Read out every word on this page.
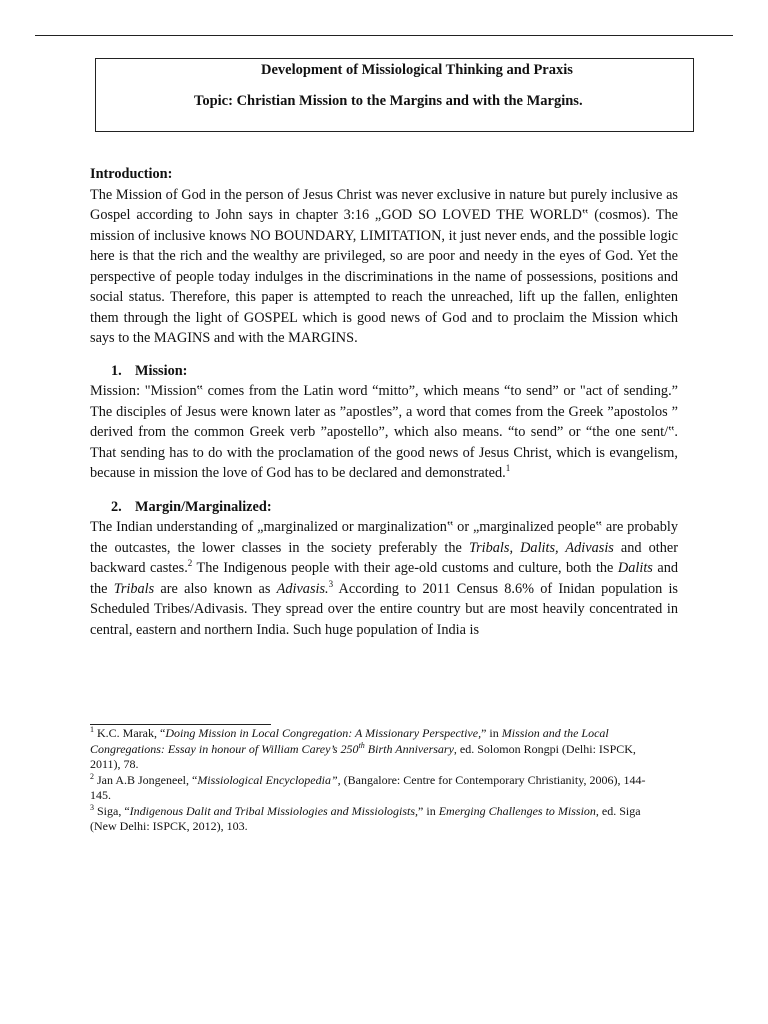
Development of Missiological Thinking and Praxis
Topic: Christian Mission to the Margins and with the Margins.
Introduction:

The Mission of God in the person of Jesus Christ was never exclusive in nature but purely inclusive as Gospel according to John says in chapter 3:16 „GOD SO LOVED THE WORLD‟ (cosmos). The mission of inclusive knows NO BOUNDARY, LIMITATION, it just never ends, and the possible logic here is that the rich and the wealthy are privileged, so are poor and needy in the eyes of God. Yet the perspective of people today indulges in the discriminations in the name of possessions, positions and social status. Therefore, this paper is attempted to reach the unreached, lift up the fallen, enlighten them through the light of GOSPEL which is good news of God and to proclaim the Mission which says to the MAGINS and with the MARGINS.

1. Mission:

Mission: "Mission‟ comes from the Latin word “mitto”, which means “to send” or "act of sending.” The disciples of Jesus were known later as ”apostles”, a word that comes from the Greek ”apostolos ” derived from the common Greek verb ”apostello”, which also means. “to send” or “the one sent/‟. That sending has to do with the proclamation of the good news of Jesus Christ, which is evangelism, because in mission the love of God has to be declared and demonstrated.$^1$

2. Margin/Marginalized:

The Indian understanding of „marginalized or marginalization‟ or „marginalized people‟ are probably the outcastes, the lower classes in the society preferably the Tribals, Dalits, Adivasis and other backward castes.$^2$ The Indigenous people with their age-old customs and culture, both the Dalits and the Tribals are also known as Adivasis.$^3$ According to 2011 Census 8.6% of Inidan population is Scheduled Tribes/Adivasis. They spread over the entire country but are most heavily concentrated in central, eastern and northern India. Such huge population of India is

$^1$ K.C. Marak, “Doing Mission in Local Congregation: A Missionary Perspective,” in Mission and the Local Congregations: Essay in honour of William Carey’s 250th Birth Anniversary, ed. Solomon Rongpi (Delhi: ISPCK, 2011), 78.

$^2$ Jan A.B Jongeneel, “Missiological Encyclopedia”, (Bangalore: Centre for Contemporary Christianity, 2006), 144-145.

$^3$ Siga, “Indigenous Dalit and Tribal Missiologies and Missiologists,” in Emerging Challenges to Mission, ed. Siga (New Delhi: ISPCK, 2012), 103.
